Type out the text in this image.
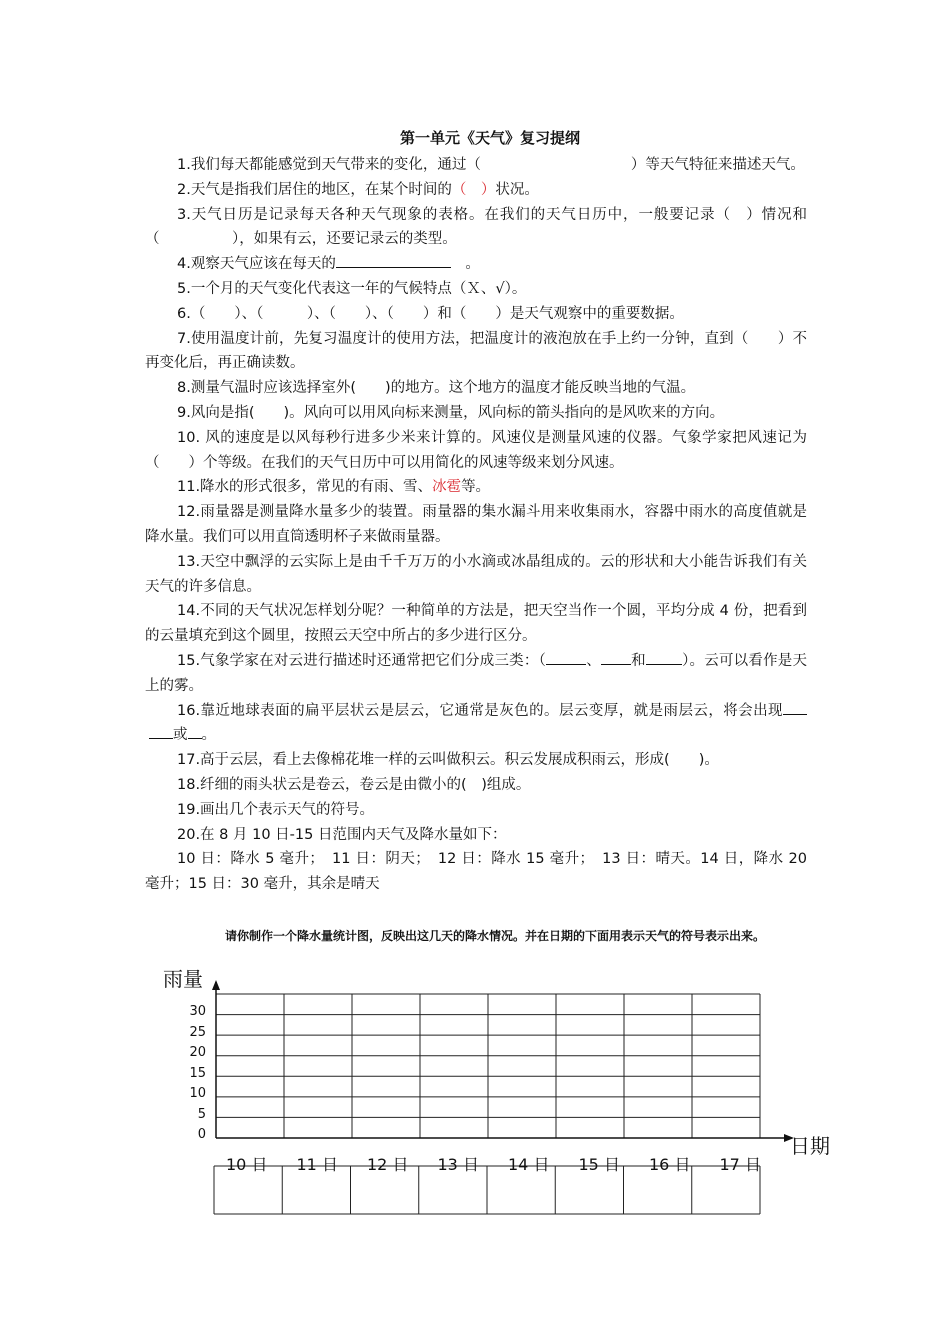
第一单元《天气》复习提纲

1.我们每天都能感觉到天气带来的变化，通过（	）等天气特征来描述天气。

2.天气是指我们居住的地区，在某个时间的（　）状况。

3.天气日历是记录每天各种天气现象的表格。在我们的天气日历中，一般要记录（　）情况和（　　　　　），如果有云，还要记录云的类型。

4.观察天气应该在每天的	　。

5.一个月的天气变化代表这一年的气候特点（Ｘ、√）。

6.（　　）、（　　　）、（　　）、（　　）和（　　）是天气观察中的重要数据。

7.使用温度计前，先复习温度计的使用方法，把温度计的液泡放在手上约一分钟，直到（　　）不再变化后，再正确读数。

8.测量气温时应该选择室外(　　)的地方。这个地方的温度才能反映当地的气温。

9.风向是指(　　)。风向可以用风向标来测量，风向标的箭头指向的是风吹来的方向。

10. 风的速度是以风每秒行进多少米来计算的。风速仪是测量风速的仪器。气象学家把风速记为（　　）个等级。在我们的天气日历中可以用简化的风速等级来划分风速。

11.降水的形式很多，常见的有雨、雪、冰雹等。

12.雨量器是测量降水量多少的装置。雨量器的集水漏斗用来收集雨水，容器中雨水的高度值就是降水量。我们可以用直筒透明杯子来做雨量器。

13.天空中飘浮的云实际上是由千千万万的小水滴或冰晶组成的。云的形状和大小能告诉我们有关天气的许多信息。

14.不同的天气状况怎样划分呢？一种简单的方法是，把天空当作一个圆，平均分成 4 份，把看到的云量填充到这个圆里，按照云天空中所占的多少进行区分。

15.气象学家在对云进行描述时还通常把它们分成三类：（	、 和 ）。云可以看作是天上的雾。

16.靠近地球表面的扁平层状云是层云，它通常是灰色的。层云变厚，就是雨层云，将会出现或 。

17.高于云层，看上去像棉花堆一样的云叫做积云。积云发展成积雨云，形成(　　)。

18.纤细的雨头状云是卷云，卷云是由微小的(　)组成。

19.画出几个表示天气的符号。

20.在 8 月 10 日-15 日范围内天气及降水量如下：

10 日：降水 5 毫升；　11 日：阴天；　12 日：降水 15 毫升；　13 日：晴天。14 日，降水 20 毫升；15 日：30 毫升，其余是晴天

请你制作一个降水量统计图，反映出这几天的降水情况。并在日期的下面用表示天气的符号表示出来。
雨量
日期
30
25
20
15
10
5
0
10 日 11 日 12 日 13 日 14 日 15 日 16 日 17 日
